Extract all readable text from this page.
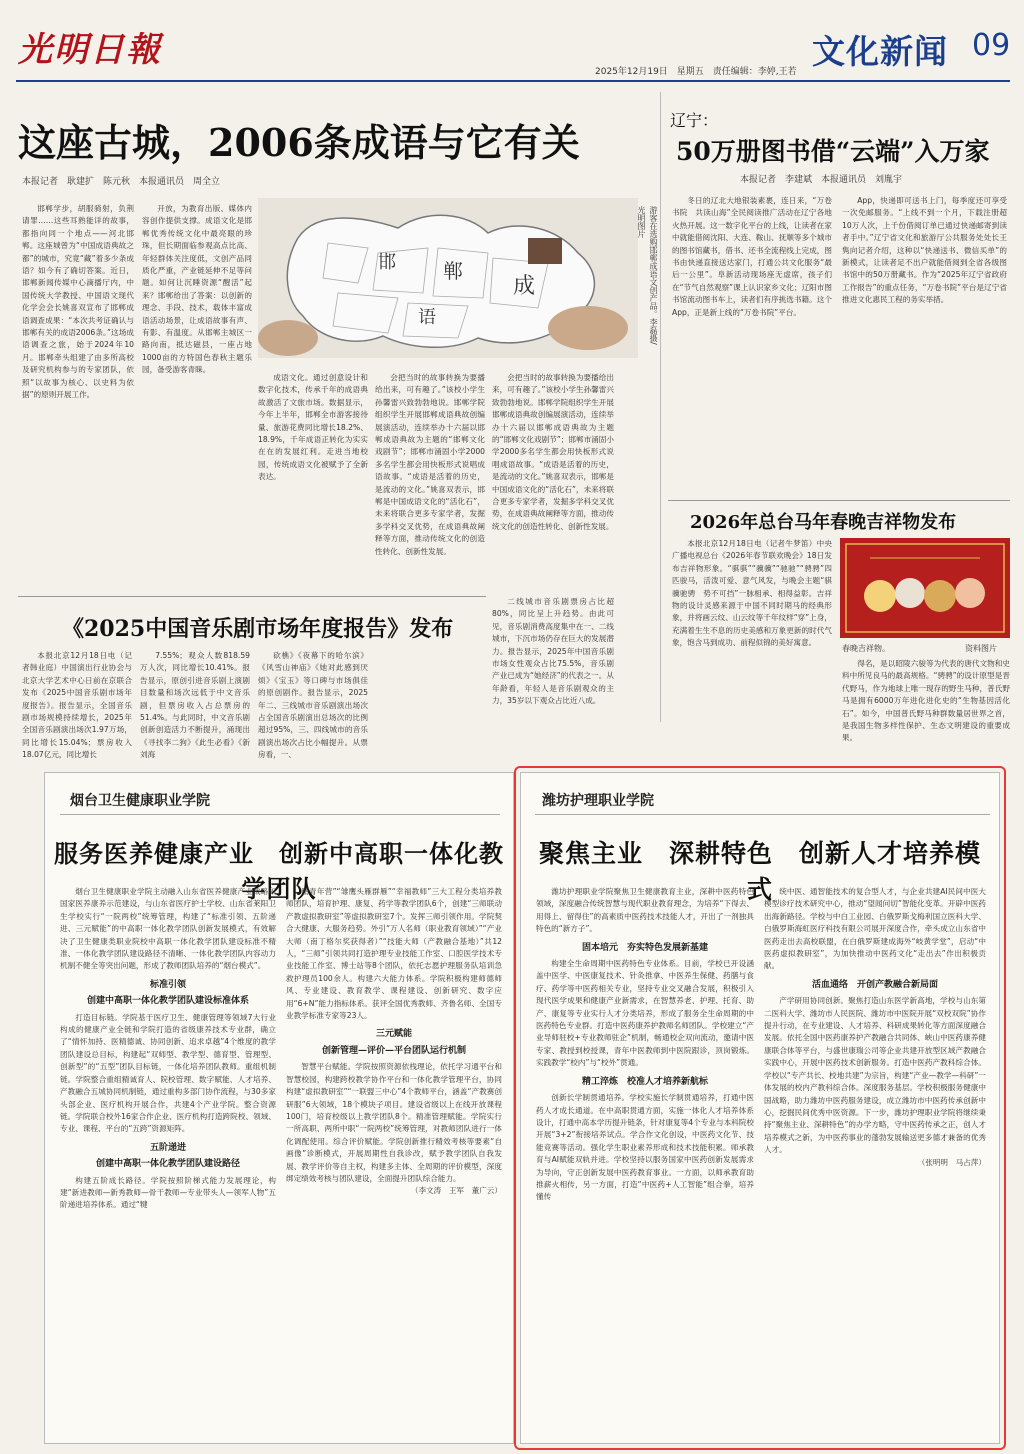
光明日報	文化新闻 09
2025年12月19日　星期五　责任编辑：李婷,王若
这座古城，2006条成语与它有关
本报记者　耿建扩　陈元秋　本报通讯员　周全立

邯郸学步，胡服骑射，负荆请罪……这些耳熟能详的故事，都指向同一个地点——河北邯郸。这座城曾为“中国成语典故之都”的城市，究竟“藏”着多少条成语？如今有了确切答案。近日，邯郸新闻传媒中心滴播厅内，中国传统大学教授、中国语文现代化学会会长姚喜双宣布了邯郸成语调查成果：“本次共考证确认与邯郸有关的成语2006条。”这场成语调查之旅，始于2024年10月。邯郸牵头组建了由多所高校及研究机构参与的专家团队，依照“以故事为核心、以史料为依据”的原则开展工作。

开放，为教育出版、媒体内容创作提供支撑。成语文化是邯郸优秀传统文化中最亮眼的珍珠，但长期面临参观高点比高、年轻群体关注度低，文创产品同质化严重，产业链延伸不足等问题。如何让沉睡资源“醒活”起来？邯郸给出了答案：以创新的理念、手段、技术，载体丰富成语活动场景，让成语故事有声、有影、有温度。从邯郸主城区一路向南，抵达磁县，一座占地1000亩的方特国色春秋主题乐园，备受游客青睐。

邯 郸
成
语	游客在选购邯郸成语文创产品。李磊摄/光明图片

成语文化。通过创意设计和数字化技术，传承千年的成语典故激活了文旅市场。数据显示，今年上半年，邯郸全市游客接待量、旅游花费同比增长18.2%、18.9%，千年成语正转化为实实在在的发展红利。走进当地校园，传统成语文化被赋予了全新表达。

会把当时的故事转换为要播给出来，可有趣了。”该校小学生孙馨雷兴致勃勃地说。邯郸学院组织学生开展邯郸成语典故创编展演活动，连续举办十六届以邯郸成语典故为主题的“邯郸文化戏剧节”；邯郸市涌固小学2000多名学生都会用快板形式说唱成语故事。“成语是活着的历史，是流动的文化。”姚喜双表示，邯郸是中国成语文化的“活化石”，未来将联合更多专家学者，发掘多学科交叉优势，在成语典故阐释等方面，推动传统文化的创造性转化、创新性发展。

会把当时的故事转换为要播给出来，可有趣了。”该校小学生孙馨雷兴致勃勃地说。邯郸学院组织学生开展邯郸成语典故创编展演活动，连续举办十六届以邯郸成语典故为主题的“邯郸文化戏剧节”；邯郸市涌固小学2000多名学生都会用快板形式说唱成语故事。“成语是活着的历史，是流动的文化。”姚喜双表示，邯郸是中国成语文化的“活化石”，未来将联合更多专家学者，发掘多学科交叉优势，在成语典故阐释等方面，推动传统文化的创造性转化、创新性发展。

辽宁：
50万册图书借“云端”入万家
本报记者　李建斌　本报通讯员　刘胤宇

冬日的辽北大地银装素裹，连日来，“万卷书院　共读山海”全民阅读推广活动在辽宁各地火热开展。这一数字化平台的上线，让读者在家中就能借阅沈阳、大连、鞍山、抚顺等多个城市的图书馆藏书，借书、还书全流程线上完成，图书由快递直接送达家门，打通公共文化服务“最后一公里”。阜新活动现场座无虚席，孩子们在“节气自然观察”课上认识家乡文化；辽阳市图书馆流动图书车上，读者们有序挑选书籍。这个App，正是新上线的“万卷书院”平台。

App，快递即可送书上门，每季度还可享受一次免邮服务。“上线不到一个月，下载注册超10万人次，上千份借阅订单已通过快递邮寄到读者手中。”辽宁省文化和旅游厅公共服务处处长王隽向记者介绍，这种以“快递送书、微信买单”的新模式，让读者足不出户就能借阅到全省各级图书馆中的50万册藏书。作为“2025年辽宁省政府工作报告”的重点任务，“万卷书院”平台是辽宁省推进文化惠民工程的务实举措。

2026年总台马年春晚吉祥物发布

本报北京12月18日电（记者牛梦笛）中央广播电视总台《2026年春节联欢晚会》18日发布吉祥物形象。“骐骐”“骥骥”“驰驰”“骋骋”四匹骏马，活泼可爱、意气风发，与晚会主题“骐骥驰骋　势不可挡”一脉相承、相得益彰。吉祥物的设计灵感来源于中国不同时期马的经典形象，并将画云纹、山云纹等千年纹样“穿”上身，充满着生生不息的历史美感和万象更新的时代气象，饱含马到成功、前程似锦的美好寓意。

春晚吉祥物。	资料图片

得名，是以昭陵六骏等为代表的唐代文物和史料中所见良马的最高规格。“骋骋”的设计原型是晋代野马，作为地球上唯一现存的野生马种，普氏野马是拥有6000万年进化进化史的“生物基因活化石”。如今，中国普氏野马种群数量居世界之首，是我国生物多样性保护、生态文明建设的重要成果。

《2025中国音乐剧市场年度报告》发布

本报北京12月18日电（记者韩业庭）中国演出行业协会与北京大学艺术中心日前在京联合发布《2025中国音乐剧市场年度报告》。报告显示，全国音乐剧市场规模持续增长，2025年全国音乐剧演出场次1.97万场，同比增长15.04%；票房收入18.07亿元，同比增长

7.55%；观众人数818.59万人次，同比增长10.41%。报告显示，原创引进音乐剧上演剧目数量和场次远低于中文音乐剧，但票房收入占总票房的51.4%。与此同时，中文音乐剧创新创造活力不断提升，涌现出《寻找李二狗》《此生必看》《新刘海

砍樵》《夜幕下的哈尔滨》《风雪山神庙》《她对此感到厌烦》《宝玉》等口碑与市场俱佳的原创剧作。报告显示，2025年二、三线城市音乐剧演出场次占全国音乐剧演出总场次的比例超过95%，三、四线城市的音乐剧演出场次占比小幅提升。从票房看，一、

二线城市音乐剧票房占比超80%，同比呈上升趋势。由此可见，音乐剧消费高度集中在一、二线城市，下沉市场仍存在巨大的发展潜力。报告显示，2025年中国音乐剧市场女性观众占比75.5%，音乐剧产业已成为“她经济”的代表之一。从年龄看，年轻人是音乐剧观众的主力，35岁以下观众占比近八成。

烟台卫生健康职业学院
服务医养健康产业　创新中高职一体化教学团队

烟台卫生健康职业学院主动融入山东省医养健康产业战略和国家医养康养示范建设，与山东省医疗护士学校、山东省莱阳卫生学校实行“一院两校”统筹管理，构建了“标准引领、五阶递进、三元赋能”的中高职一体化教学团队创新发展模式，有效解决了卫生健康类职业院校中高职一体化教学团队建设标准不精准、一体化教学团队建设路径不清晰、一体化教学团队内容动力机制不健全等突出问题，形成了教师团队培养的“烟台模式”。

标准引领
创建中高职一体化教学团队建设标准体系

打造目标链。学院基于医疗卫生、健康管理等领域7大行业构成的健康产业全链和学院打造的省级康养技术专业群，确立了“情怀加持、医精德诚、协同创新、追求卓越”4个维度的教学团队建设总目标，构建起“双师型、教学型、德育型、管理型、创新型”的“五型”团队目标链，一体化培养团队教师。重组机制链。学院整合重组精诚育人、院校管理、数字赋能、人才培养、产教融合五城协同机制链，通过重构多部门协作流程，与30多家头部企业、医疗机构开展合作，共建4个产业学院。整合资源链。学院联合校外16家合作企业、医疗机构打造跨院校、领域、专业、课程、平台的“五跨”资源矩阵。

五阶递进
创建中高职一体化教学团队建设路径

构建五阶成长路径。学院按照阶梯式能力发展理论，构建“新进教师—新秀教师—骨干教师—专业带头人—领军人物”五阶递进培养体系。通过“犍

鹏青年营”“雏鹰头雁群雁”“幸福教师”三大工程分类培养教师团队，培育护理、康复、药学等教学团队6个，创建“三师联动产教虚拟教研室”等虚拟教研室7个。发挥三师引领作用。学院契合大健康、大服务趋势。外引“万人名师（职业教育领域）”“产业大师（南丁格尔奖获得者）”“技能大师（产教融合基地）”共12人，“三师”引领共同打造护理专业技能工作室、口腔医学技术专业技能工作室、博士站等8个团队，依托志愿护理服务队培训急救护理员100余人。构建六大能力体系。学院积极构建师德师风、专业建设、教育教学、课程建设、创新研究、数字应用“6+N”能力指标体系。获评全国优秀教师、齐鲁名师、全国专业教学标准专家等23人。

三元赋能
创新管理—评价—平台团队运行机制

智慧平台赋能。学院按照资源依栈理论，依托学习通平台和智慧校园，构建跨校教学协作平台和一体化教学管理平台，协同构建“虚拟教研室”“一联盟三中心”4个教师平台，涵盖“产教赛创研服”6大领域，18个模块子项目。建设省级以上在线开放课程100门，培育校级以上教学团队8个。精准管理赋能。学院实行一所高职、两所中职“一院两校”统筹管理，对教师团队进行一体化调配使用。综合评价赋能。学院创新推行精效考核等要素“自画像”诊断模式，开展周期性自我诊改，赋予教学团队自我发展、教学评价等自主权，构建多主体、全周期的评价模型，深度绑定绩效考核与团队建设，全面提升团队综合能力。

（李文涛　王军　董广云）
潍坊护理职业学院
聚焦主业　深耕特色　创新人才培养模式

潍坊护理职业学院聚焦卫生健康教育主业，深耕中医药特色领域，深度融合传统智慧与现代职业教育理念，为培养“下得去、用得上、留得住”的高素质中医药技术技能人才，开出了一剂独具特色的“新方子”。

固本培元　夯实特色发展新基建

构建全生命周期中医药特色专业体系。目前，学校已开设涵盖中医学、中医康复技术、针灸推拿、中医养生保健、药膳与食疗、药学等中医药相关专业，坚持专业交叉融合发展，积极引入现代医学成果和健康产业新需求，在智慧养老、护理、托育、助产、康复等专业实行人才分类培养，形成了服务全生命周期的中医药特色专业群。打造中医药康养护教师名师团队。学校建立“产业导师驻校+专业教师驻企”机制，畅通校企双向流动，邀请中医专家、教授到校授课，青年中医教师到中医院跟诊，顶岗锻炼。实践教学“校内”与“校外”贯通。

精工淬炼　校准人才培养新航标

创新长学制贯通培养。学校实施长学制贯通培养，打通中医药人才成长通道。在中高职贯通方面，实施一体化人才培养体系设计，打通中高本学历提升链条，针对康复等4个专业与本科院校开展“3+2”衔接培养试点。学合作文化创设，中医药文化节、技能竞赛等活动。强化学生职业素养形成和技术技能积累。师承教育与AI赋能双轨并进。学校坚持以服务国家中医药创新发展需求为导向，守正创新发展中医药教育事业。一方面，以师承教育助推薪火相传，另一方面，打造“中医药+人工智能”组合拳，培养懂传

统中医、通智能技术的复合型人才，与企业共建AI民间中医大模型诊疗技术研究中心，推动“望闻问切”智能化变革。开辟中医药出海新路径。学校与中白工业园、白俄罗斯戈梅利国立医科大学、白俄罗斯海虹医疗科技有限公司展开深度合作，牵头成立山东省中医药走出去高校联盟，在白俄罗斯建成海外“岐黄学堂”，启动“中医药虚拟教研室”，为加快推动中医药文化“走出去”作出积极贡献。

活血通络　开创产教融合新局面

产学研用协同创新。聚焦打造山东医学新高地，学校与山东第二医科大学、潍坊市人民医院、潍坊市中医院开展“双校双院”协作提升行动，在专业建设、人才培养、科研成果转化等方面深度融合发展。依托全国中医药康养护产教融合共同体、峡山中医药康养健康联合体等平台，与盛世康瑞公司等企业共建开放型区域产教融合实践中心，开展中医药技术创新服务。打造中医药产教科综合体。学校以“专产共长、校地共建”为宗旨，构建“产业—教学—科研”一体发展的校内产教科综合体。深度服务基层。学校积极服务健康中国战略，助力潍坊中医药服务建设，成立潍坊市中医药传承创新中心，挖掘民间优秀中医资源。下一步，潍坊护理职业学院将继续秉持“聚焦主业、深耕特色”的办学方略，守中医药传承之正，创人才培养模式之新，为中医药事业的蓬勃发展输送更多德才兼备的优秀人才。

（张明明　马占萍）
